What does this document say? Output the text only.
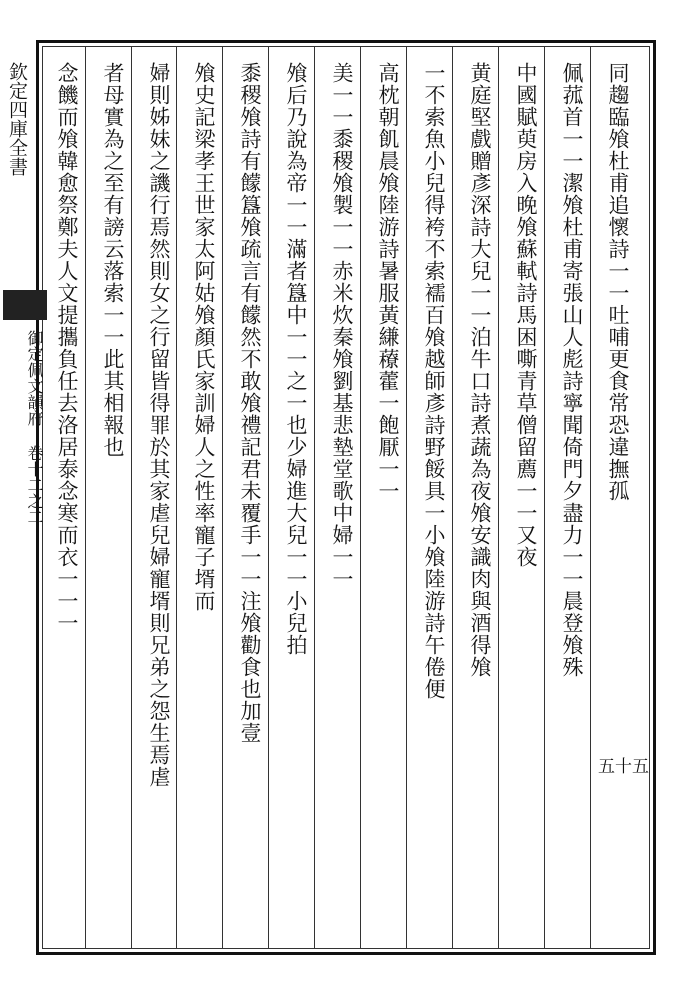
欽定四庫全書
御定佩文韻府 卷十二之二	同趨臨飧杜甫追懷詩一一吐哺更食常恐違撫孤
佩菰首一一潔飧杜甫寄張山人彪詩寧聞倚門夕盡力一一晨登飧殊
中國賦萸房入晚飧蘇軾詩馬困嘶青草僧留薦一一又夜
黄庭堅戲贈彥深詩大兒一一泊牛口詩煮蔬為夜飧安識肉與酒得飧
一不索魚小兒得袴不索襦百飧越師彥詩野餒具一小飧陸游詩午倦便
高枕朝飢晨飧陸游詩暑服黃縑䕩藿一飽厭一一
美一一黍稷飧製一一赤米炊秦飧劉基悲墊堂歌中婦一一
飧后乃說為帝一一滿者簋中一一之一也少婦進大兒一一小兒拍
黍稷飧詩有饛簋飧疏言有饛然不敢飧禮記君未覆手一一注飧勸食也加壹
飧史記梁孝王世家太阿姑飧顏氏家訓婦人之性率寵子壻而
婦則姊妹之譏行焉然則女之行留皆得罪於其家虐兒婦寵壻則兄弟之怨生焉虐
者母實為之至有謗云落索一一此其相報也
念饑而飧韓愈祭鄭夫人文提攜負任去洛居泰念寒而衣一一一
五十五
